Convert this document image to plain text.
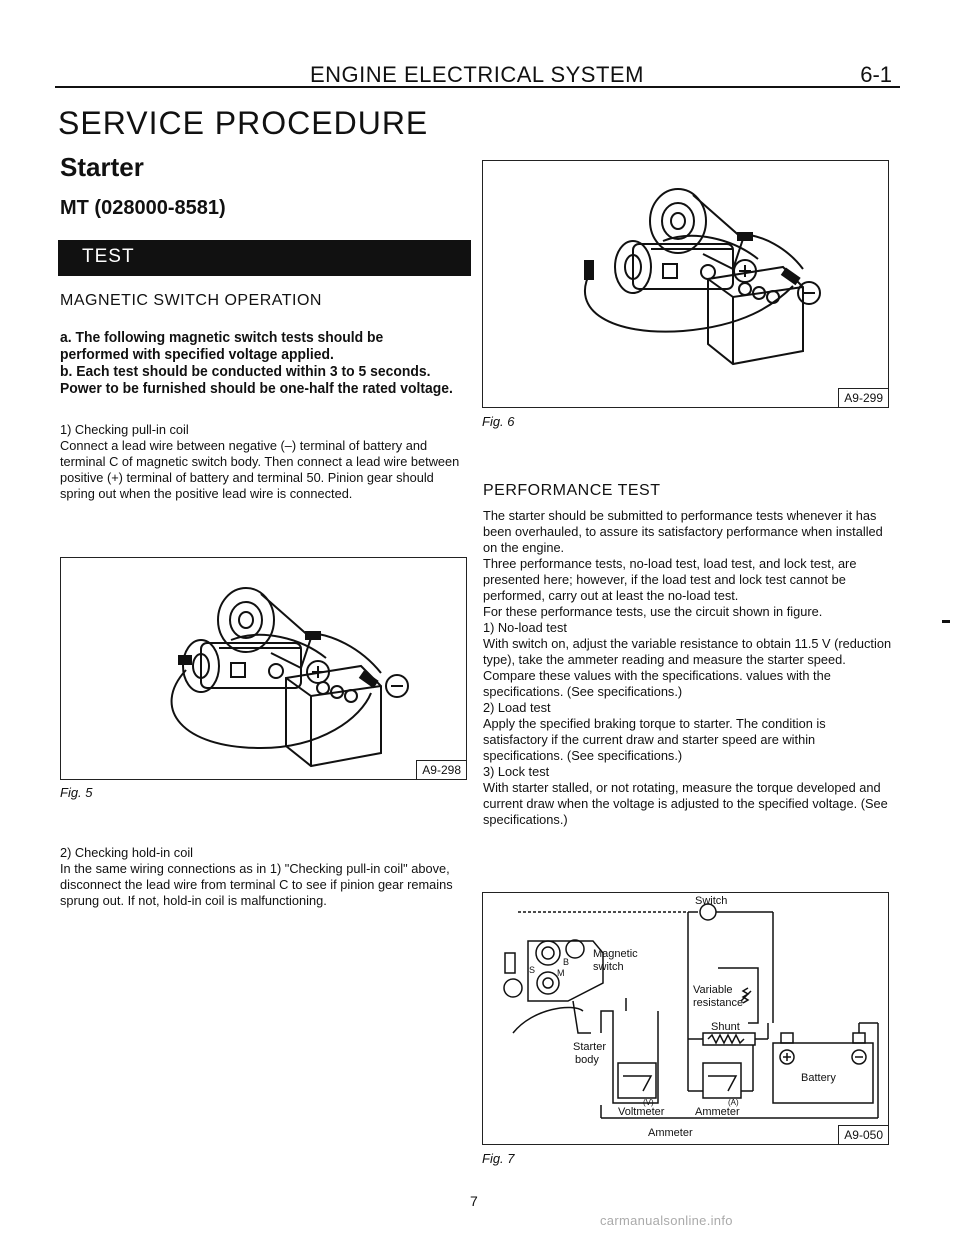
ENGINE ELECTRICAL SYSTEM	6-1
SERVICE PROCEDURE
Starter
MT (028000-8581)
TEST
MAGNETIC SWITCH OPERATION

a. The following magnetic switch tests should be performed with specified voltage applied.

b. Each test should be conducted within 3 to 5 seconds. Power to be furnished should be one-half the rated voltage.

1) Checking pull-in coil

Connect a lead wire between negative (–) terminal of battery and terminal C of magnetic switch body. Then connect a lead wire between positive (+) terminal of battery and terminal 50. Pinion gear should spring out when the positive lead wire is connected.

A9-298
Fig. 5

2) Checking hold-in coil

In the same wiring connections as in 1) "Checking pull-in coil" above, disconnect the lead wire from terminal C to see if pinion gear remains sprung out. If not, hold-in coil is malfunctioning.

A9-299
Fig. 6
PERFORMANCE TEST

The starter should be submitted to performance tests whenever it has been overhauled, to assure its satisfactory performance when installed on the engine.

Three performance tests, no-load test, load test, and lock test, are presented here; however, if the load test and lock test cannot be performed, carry out at least the no-load test.

For these performance tests, use the circuit shown in figure.

1) No-load test

With switch on, adjust the variable resistance to obtain 11.5 V (reduction type), take the ammeter reading and measure the starter speed. Compare these values with the specifications. values with the specifications. (See specifications.)

2) Load test

Apply the specified braking torque to starter. The condition is satisfactory if the current draw and starter speed are within specifications. (See specifications.)

3) Lock test

With starter stalled, or not rotating, measure the torque developed and current draw when the voltage is adjusted to the specified voltage. (See specifications.)

Switch
Magnetic
switch
B
S M
Variable
resistance
Shunt
Starter
body
Battery
(V)	(A)
Voltmeter	Ammeter
Ammeter	A9-050
Fig. 7
7
carmanualsonline.info
